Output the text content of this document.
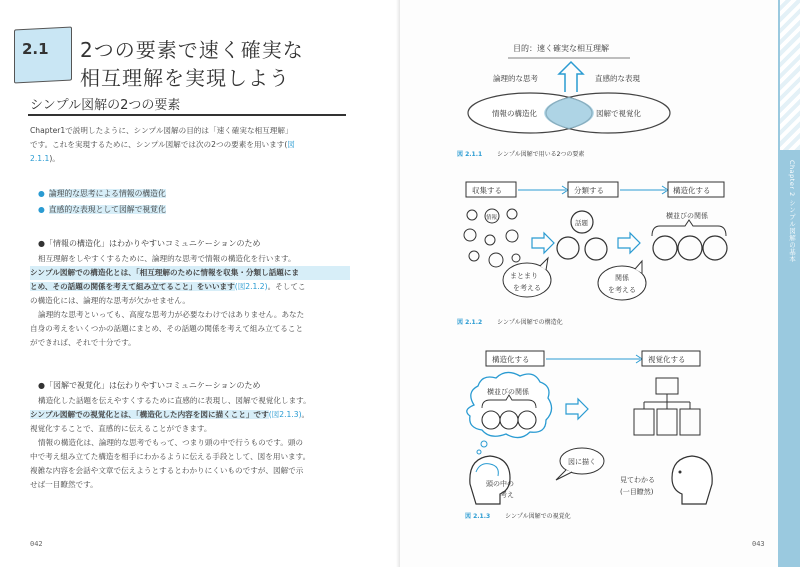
2.1 2つの要素で速く確実な
相互理解を実現しよう
シンプル図解の2つの要素
Chapter1で説明したように、シンプル図解の目的は「速く確実な相互理解」
です。これを実現するために、シンプル図解では次の2つの要素を用います(図
2.1.1)。
● 論理的な思考による情報の構造化
● 直感的な表現として図解で視覚化
●「情報の構造化」はわかりやすいコミュニケーションのため
相互理解をしやすくするために、論理的な思考で情報の構造化を行います。
シンプル図解での構造化とは、「相互理解のために情報を収集・分類し話題にま
とめ、その話題の関係を考えて組み立てること」をいいます(図2.1.2)。そしてこ
の構造化には、論理的な思考が欠かせません。
論理的な思考といっても、高度な思考力が必要なわけではありません。あなた
自身の考えをいくつかの話題にまとめ、その話題の関係を考えて組み立てること
ができれば、それで十分です。
●「図解で視覚化」は伝わりやすいコミュニケーションのため
構造化した話題を伝えやすくするために直感的に表現し、図解で視覚化します。
シンプル図解での視覚化とは、「構造化した内容を図に描くこと」です(図2.1.3)。
視覚化することで、直感的に伝えることができます。
情報の構造化は、論理的な思考でもって、つまり頭の中で行うものです。頭の
中で考え組み立てた構造を相手にわかるように伝える手段として、図を用います。
複雑な内容を会話や文章で伝えようとするとわかりにくいものですが、図解で示
せば一目瞭然です。
042
目的：速く確実な相互理解
論理的な思考	直感的な表現
情報の構造化	図解で視覚化
図 2.1.1 シンプル図解で用いる2つの要素
収集する	分類する	構造化する
情報
話題
横並びの関係
まとまり
を考える
関係
を考える
図 2.1.2 シンプル図解での構造化
構造化する	視覚化する
横並びの関係
図に描く
頭の中の
考え
見てわかる
(一目瞭然)
図 2.1.3 シンプル図解での視覚化
Chapter 2 シンプル図解の基本
043
